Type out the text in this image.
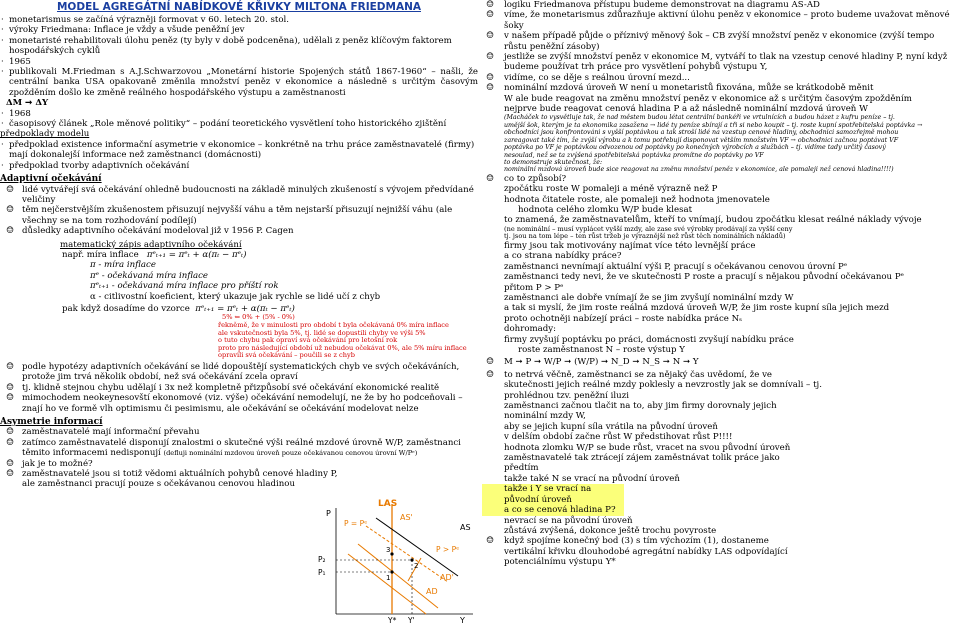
MODEL AGREGÁTNÍ NABÍDKOVÉ KŘIVKY MILTONA FRIEDMANA

· monetarismus se začíná výrazněji formovat v 60. letech 20. stol.

· výroky Friedmana: Inflace je vždy a všude peněžní jev

· monetaristé rehabilitovali úlohu peněz (ty byly v době podceněna), udělali z peněz klíčovým faktorem hospodářských cyklů

· 1965

· publikovali M.Friedman s A.J.Schwarzovou „Monetární historie Spojených států 1867-1960“ – našli, že centrální banka USA opakovaně změnila množství peněz v ekonomice a následně s určitým časovým zpožděním došlo ke změně reálného hospodářského výstupu a zaměstnanosti

ΔM ➞ ΔY

· 1968

· časopisový článek „Role měnové politiky“ – podání teoretického vysvětlení toho historického zjištění

předpoklady modelu

· předpoklad existence informační asymetrie v ekonomice – konkrétně na trhu práce zaměstnavatelé (firmy) mají dokonalejší informace než zaměstnanci (domácnosti)

· předpoklad tvorby adaptivních očekávání

Adaptivní očekávání

☺ lidé vytvářejí svá očekávání ohledně budoucnosti na základě minulých zkušeností s vývojem předvídané veličiny

☺ těm nejčerstvějším zkušenostem přisuzují nejvyšší váhu a těm nejstarší přisuzují nejnižší váhu (ale všechny se na tom rozhodování podílejí)

☺ důsledky adaptivního očekávání modeloval již v 1956 P. Cagen

matematický zápis adaptivního očekávání

např. míra inflace πᵉₜ₊₁ = πᵉₜ + α(πₜ − πᵉₜ)

π - míra inflace

πᵉ - očekávaná míra inflace

πᵉₜ₊₁ - očekávaná míra inflace pro příští rok

α - citlivostní koeficient, který ukazuje jak rychle se lidé učí z chyb

pak když dosadíme do vzorce πᵉₜ₊₁ = πᵉₜ + α(πₜ − πᵉₜ)

5% ⇐ 0% + (5% - 0%)

řekněmě, že v minulosti pro období t byla očekávaná 0% míra inflace

ale vskutečnosti byla 5%, tj. lidé se dopustili chyby ve výši 5%

o tuto chybu pak opraví svá očekávání pro letošní rok

proto pro následující období už nebudou očekávat 0%, ale 5% míru inflace

opravili svá očekávání – poučili se z chyb

☺ podle hypotézy adaptivních očekávání se lidé dopouštějí systematických chyb ve svých očekáváních, protože jim trvá několik období, než svá očekávání zcela opraví

☺ tj. klidně stejnou chybu udělají i 3x než kompletně přizpůsobí své očekávání ekonomické realitě

☺ mimochodem neokeynesovští ekonomové (viz. výše) očekávání nemodelují, ne že by ho podceňovali – znají ho ve formě vlh optimismu či pesimismu, ale očekávání se očekávání modelovat nelze

Asymetrie informací

☺ zaměstnavatelé mají informační převahu

☺ zatímco zaměstnavatelé disponují znalostmi o skutečné výši reálné mzdové úrovně W/P, zaměstnanci těmito informacemi nedisponují (defluji nominální mzdovou úroveň pouze očekávanou cenovou úrovní W/Pᵉ)

☺ jak je to možné?

☺ zaměstnavatelé jsou si totiž vědomi aktuálních pohybů cenové hladiny P,

ale zaměstnanci pracují pouze s očekávanou cenovou hladinou

☺ logiku Friedmanova přístupu budeme demonstrovat na diagramu AS-AD

☺ víme, že monetarismus zdůrazňuje aktivní úlohu peněz v ekonomice – proto budeme uvažovat měnové šoky

☺ v našem případě půjde o příznivý měnový šok – CB zvýší množství peněz v ekonomice (zvýší tempo růstu peněžní zásoby)

☺ jestliže se zvýší množství peněz v ekonomice M, vytváří to tlak na vzestup cenové hladiny P, nyní když budeme používat trh práce pro vysvětlení pohybů výstupu Y,

☺ vidíme, co se děje s reálnou úrovní mezd...

☺ nominální mzdová úroveň W není u monetaristů fixována, může se krátkodobě měnit

W ale bude reagovat na změnu množství peněz v ekonomice až s určitým časovým zpožděním

nejprve bude reagovat cenová hladina P a až následně nominální mzdová úroveň W

(Macháček to vysvětluje tak, že nad městem budou létat centrální bankéři ve vrtulnících a budou házet z kufru peníze – tj.

umější šok, kterým je ta ekonomika zasažena → lidé ty peníze sbírají a tři si nebo koupit – tj. roste kupní spotřebitelská poptávka →

obchodníci jsou konfrontováni s vyšší poptávkou a tak stroší lidé na vzestup cenové hladiny, obchodnici samozřejmě mohou

zareagovat také tím, že zvýší výrobu a k tomu potřebují disponovat větším množstvím VF → obchodnici začnou poptávat VF

poptávka po VF je poptávkou odvozenou od poptávky po konečných výrobcích a službách – tj. vidíme tady určitý časový

nesoulad, než se ta zvýšená spotřebitelská poptávka promítne do poptávky po VF

to demonstruje skutečnost, že:

nominální mzdová úroveň bude sice reagovat na změnu množství peněz v ekonomice, ale pomaleji než cenová hladina!!!!)

☺ co to způsobí?

zpočátku roste W pomaleji a méně výrazně než P

hodnota čitatele roste, ale pomaleji než hodnota jmenovatele

hodnota celého zlomku W/P bude klesat

to znamená, že zaměstnavatelům, kteří to vnímají, budou zpočátku klesat reálné náklady vývoje

(ne nominální – musí vyplácet vyšší mzdy, ale zase své výrobky prodávají za vyšší ceny

tj. jsou na tom lépe – ten růst tržeb je výraznější než růst těch nominálních nákladů)

firmy jsou tak motivovány najímat více této levnější práce

a co strana nabídky práce?

zaměstnanci nevnímají aktuální výši P, pracují s očekávanou cenovou úrovní Pᵉ

zaměstnanci tedy nevi, že ve skutečnosti P roste a pracují s nějakou původní očekávanou Pᵉ

přitom P > Pᵉ

zaměstnanci ale dobře vnímají že se jim zvyšují nominální mzdy W

a tak si myslí, že jim roste reálná mzdová úroveň W/P, že jim roste kupní síla jejich mezd

proto ochotněji nabízejí práci – roste nabídka práce Nₛ

dohromady:

firmy zvyšují poptávku po práci, domácnosti zvyšují nabídku práce

roste zaměstnanost N – roste výstup Y

☺ M ➞ P ➞ W/P ➞ (W/P) ➞ N_D ➞ N_S ➞ N ➞ Y

☺ to netrvá věčně, zaměstnanci se za nějaký čas uvědomí, že ve skutečnosti jejich reálné mzdy poklesly a nevzrostly jak se domnívali – tj. prohlédnou tzv. peněžní iluzi

zaměstnanci začnou tlačit na to, aby jim firmy dorovnaly jejich nominální mzdy W,

aby se jejich kupní síla vrátila na původní úroveň

v delším období začne růst W předstihovat růst P!!!!

hodnota zlomku W/P se bude růst, vracet na svou původní úroveň

zaměstnavatelé tak ztrácejí zájem zaměstnávat tolik práce jako předtím

takže také N se vrací na původní úroveň

takže i Y se vrací na původní úroveň

a co se cenová hladina P?

nevrací se na původní úroveň

zůstává zvýšená, dokonce ještě trochu povyroste

☺ když spojíme konečný bod (3) s tím výchozím (1), dostaneme vertikální křivku dlouhodobé agregátní nabídky LAS odpovídající potenciálnímu výstupu Y*

LAS
AS'
AS
P
P = Pᵉ
P₂
P₁
AD'
AD
Y
Y* Y'
P > Pᵉ
1
2
3
